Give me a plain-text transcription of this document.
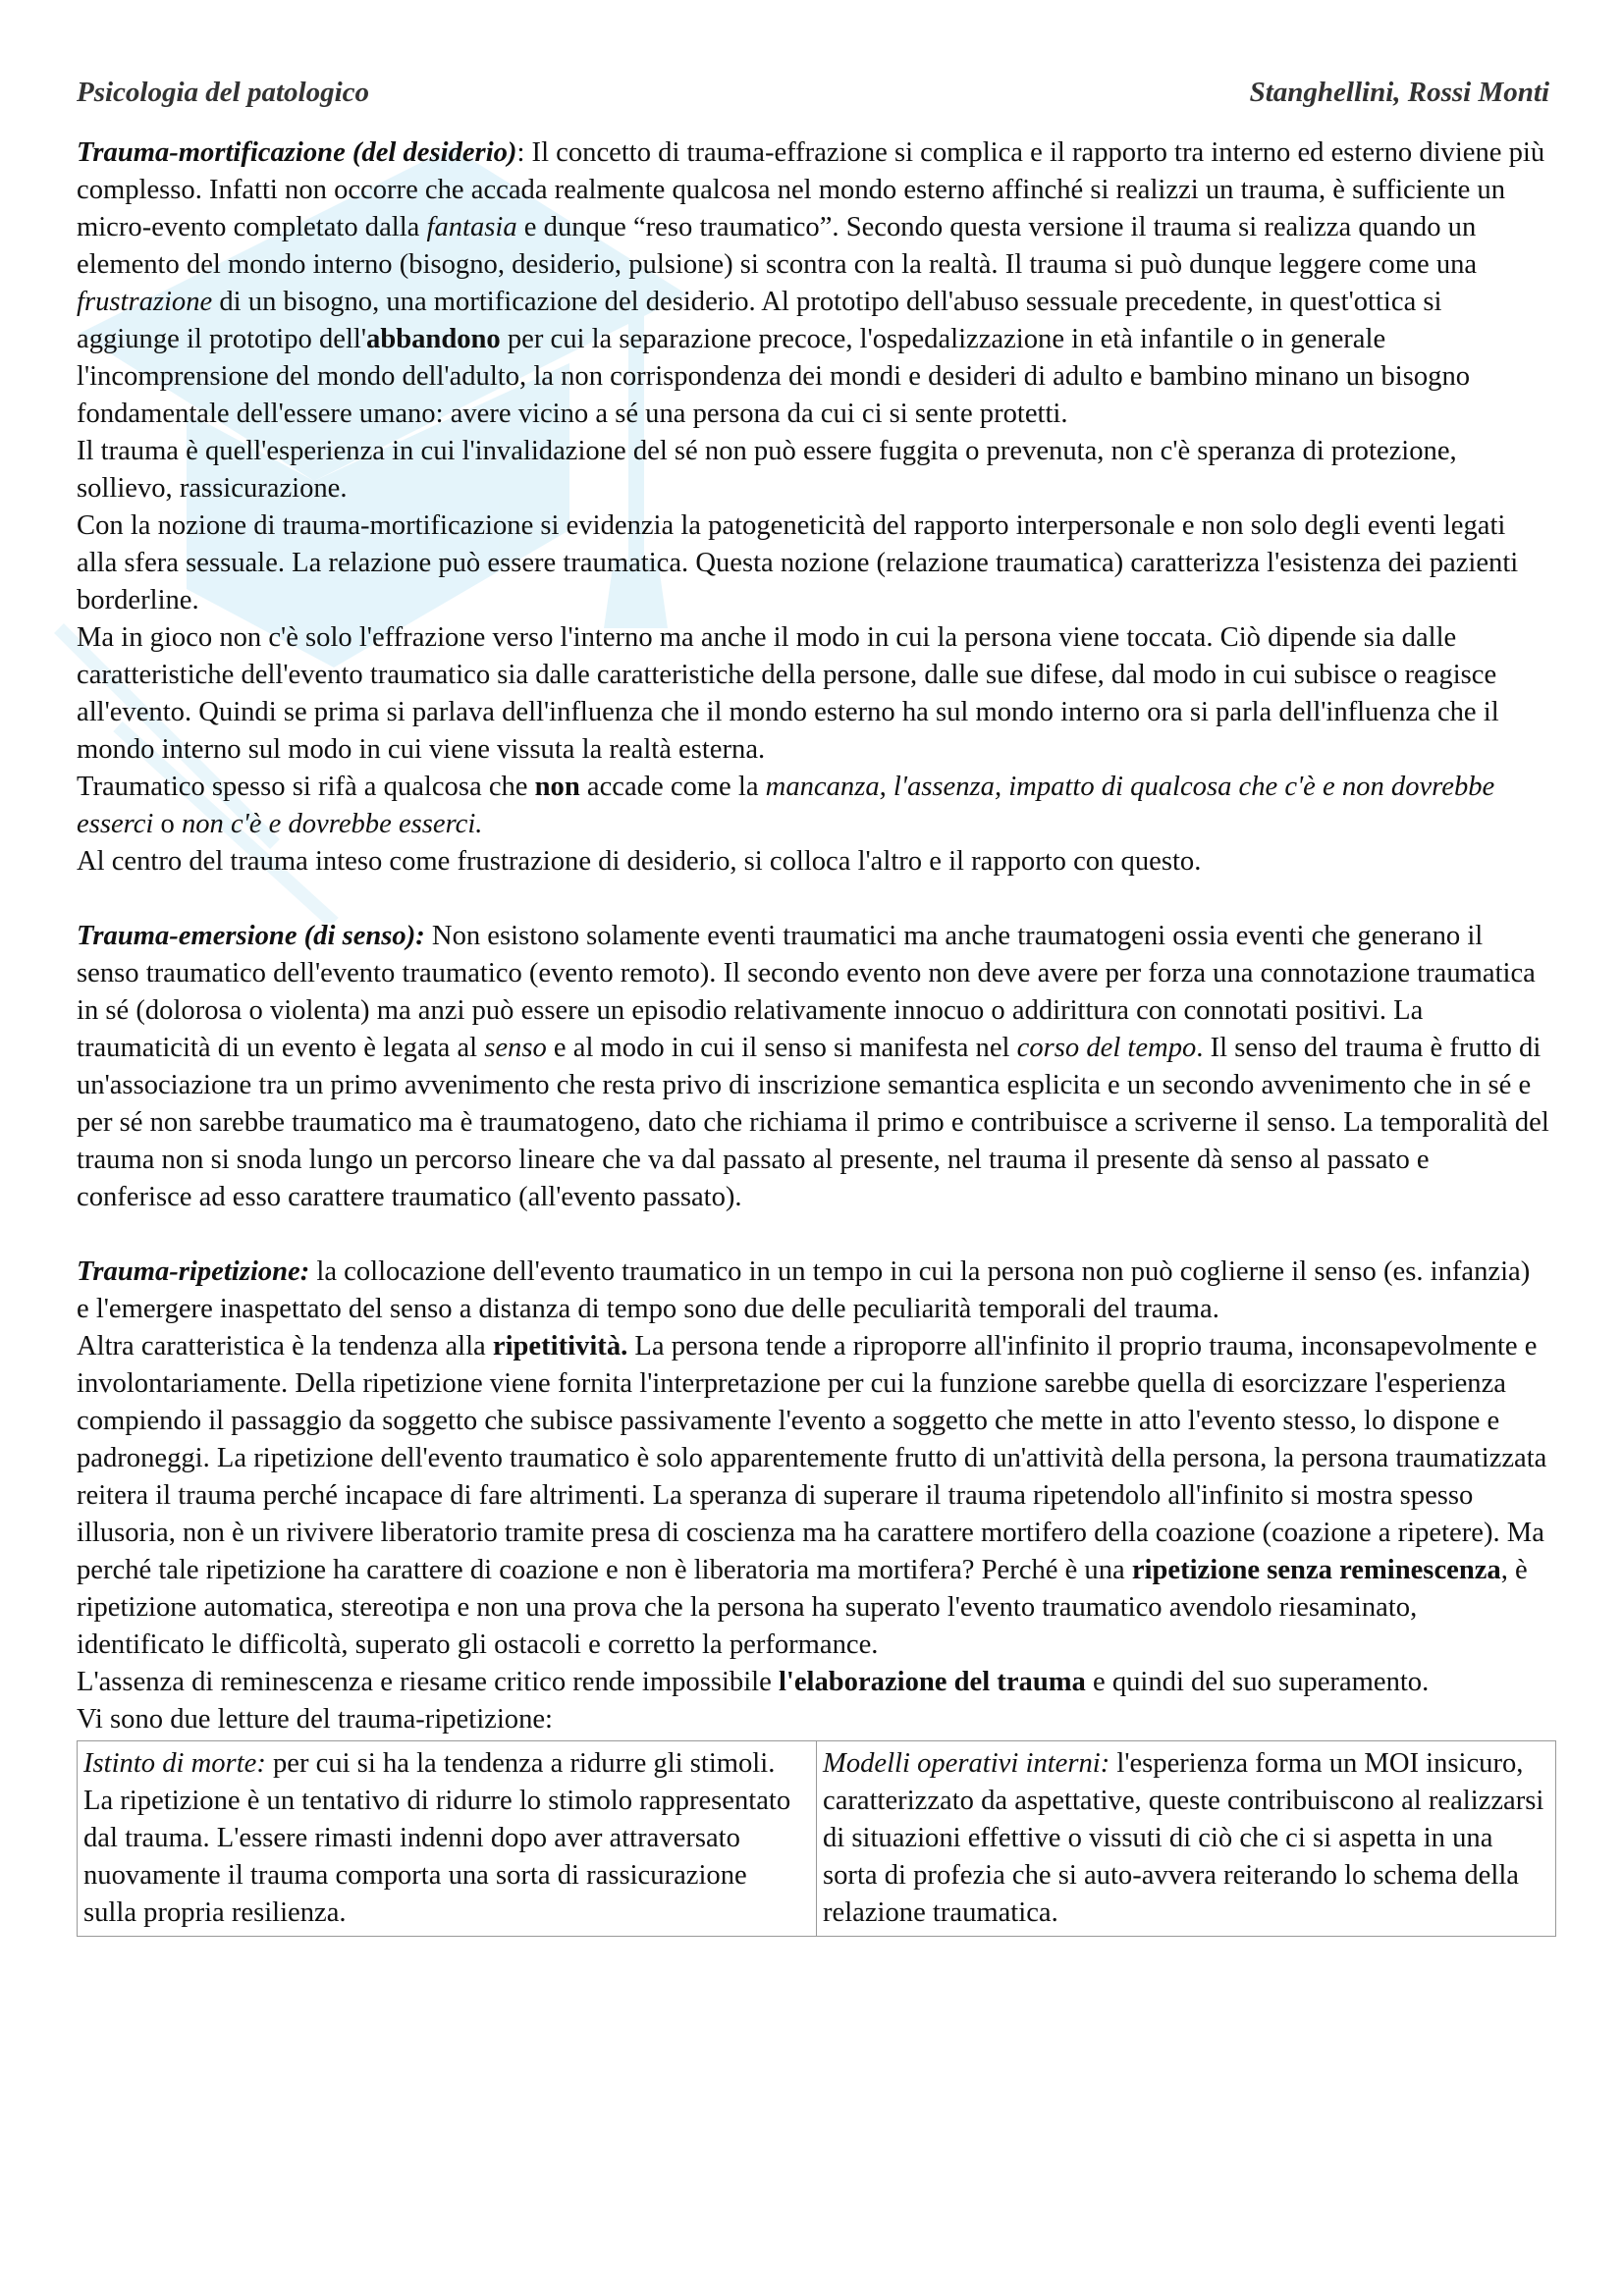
Psicologia del patologico	Stanghellini, Rossi Monti

Trauma-mortificazione (del desiderio): Il concetto di trauma-effrazione si complica e il rapporto tra interno ed esterno diviene più complesso. Infatti non occorre che accada realmente qualcosa nel mondo esterno affinché si realizzi un trauma, è sufficiente un micro-evento completato dalla fantasia e dunque “reso traumatico”. Secondo questa versione il trauma si realizza quando un elemento del mondo interno (bisogno, desiderio, pulsione) si scontra con la realtà. Il trauma si può dunque leggere come una frustrazione di un bisogno, una mortificazione del desiderio. Al prototipo dell'abuso sessuale precedente, in quest'ottica si aggiunge il prototipo dell'abbandono per cui la separazione precoce, l'ospedalizzazione in età infantile o in generale l'incomprensione del mondo dell'adulto, la non corrispondenza dei mondi e desideri di adulto e bambino minano un bisogno fondamentale dell'essere umano: avere vicino a sé una persona da cui ci si sente protetti.

Il trauma è quell'esperienza in cui l'invalidazione del sé non può essere fuggita o prevenuta, non c'è speranza di protezione, sollievo, rassicurazione.

Con la nozione di trauma-mortificazione si evidenzia la patogeneticità del rapporto interpersonale e non solo degli eventi legati alla sfera sessuale. La relazione può essere traumatica. Questa nozione (relazione traumatica) caratterizza l'esistenza dei pazienti borderline.

Ma in gioco non c'è solo l'effrazione verso l'interno ma anche il modo in cui la persona viene toccata. Ciò dipende sia dalle caratteristiche dell'evento traumatico sia dalle caratteristiche della persone, dalle sue difese, dal modo in cui subisce o reagisce all'evento. Quindi se prima si parlava dell'influenza che il mondo esterno ha sul mondo interno ora si parla dell'influenza che il mondo interno sul modo in cui viene vissuta la realtà esterna.

Traumatico spesso si rifà a qualcosa che non accade come la mancanza, l'assenza, impatto di qualcosa che c'è e non dovrebbe esserci o non c'è e dovrebbe esserci.

Al centro del trauma inteso come frustrazione di desiderio, si colloca l'altro e il rapporto con questo.

Trauma-emersione (di senso): Non esistono solamente eventi traumatici ma anche traumatogeni ossia eventi che generano il senso traumatico dell'evento traumatico (evento remoto). Il secondo evento non deve avere per forza una connotazione traumatica in sé (dolorosa o violenta) ma anzi può essere un episodio relativamente innocuo o addirittura con connotati positivi. La traumaticità di un evento è legata al senso e al modo in cui il senso si manifesta nel corso del tempo. Il senso del trauma è frutto di un'associazione tra un primo avvenimento che resta privo di inscrizione semantica esplicita e un secondo avvenimento che in sé e per sé non sarebbe traumatico ma è traumatogeno, dato che richiama il primo e contribuisce a scriverne il senso. La temporalità del trauma non si snoda lungo un percorso lineare che va dal passato al presente, nel trauma il presente dà senso al passato e conferisce ad esso carattere traumatico (all'evento passato).

Trauma-ripetizione: la collocazione dell'evento traumatico in un tempo in cui la persona non può coglierne il senso (es. infanzia) e l'emergere inaspettato del senso a distanza di tempo sono due delle peculiarità temporali del trauma.

Altra caratteristica è la tendenza alla ripetitività. La persona tende a riproporre all'infinito il proprio trauma, inconsapevolmente e involontariamente. Della ripetizione viene fornita l'interpretazione per cui la funzione sarebbe quella di esorcizzare l'esperienza compiendo il passaggio da soggetto che subisce passivamente l'evento a soggetto che mette in atto l'evento stesso, lo dispone e padroneggi. La ripetizione dell'evento traumatico è solo apparentemente frutto di un'attività della persona, la persona traumatizzata reitera il trauma perché incapace di fare altrimenti. La speranza di superare il trauma ripetendolo all'infinito si mostra spesso illusoria, non è un rivivere liberatorio tramite presa di coscienza ma ha carattere mortifero della coazione (coazione a ripetere). Ma perché tale ripetizione ha carattere di coazione e non è liberatoria ma mortifera? Perché è una ripetizione senza reminescenza, è ripetizione automatica, stereotipa e non una prova che la persona ha superato l'evento traumatico avendolo riesaminato, identificato le difficoltà, superato gli ostacoli e corretto la performance.

L'assenza di reminescenza e riesame critico rende impossibile l'elaborazione del trauma e quindi del suo superamento.

Vi sono due letture del trauma-ripetizione:

Istinto di morte: per cui si ha la tendenza a ridurre gli stimoli. La ripetizione è un tentativo di ridurre lo stimolo rappresentato dal trauma. L'essere rimasti indenni dopo aver attraversato nuovamente il trauma comporta una sorta di rassicurazione sulla propria resilienza.	Modelli operativi interni: l'esperienza forma un MOI insicuro, caratterizzato da aspettative, queste contribuiscono al realizzarsi di situazioni effettive o vissuti di ciò che ci si aspetta in una sorta di profezia che si auto-avvera reiterando lo schema della relazione traumatica.
